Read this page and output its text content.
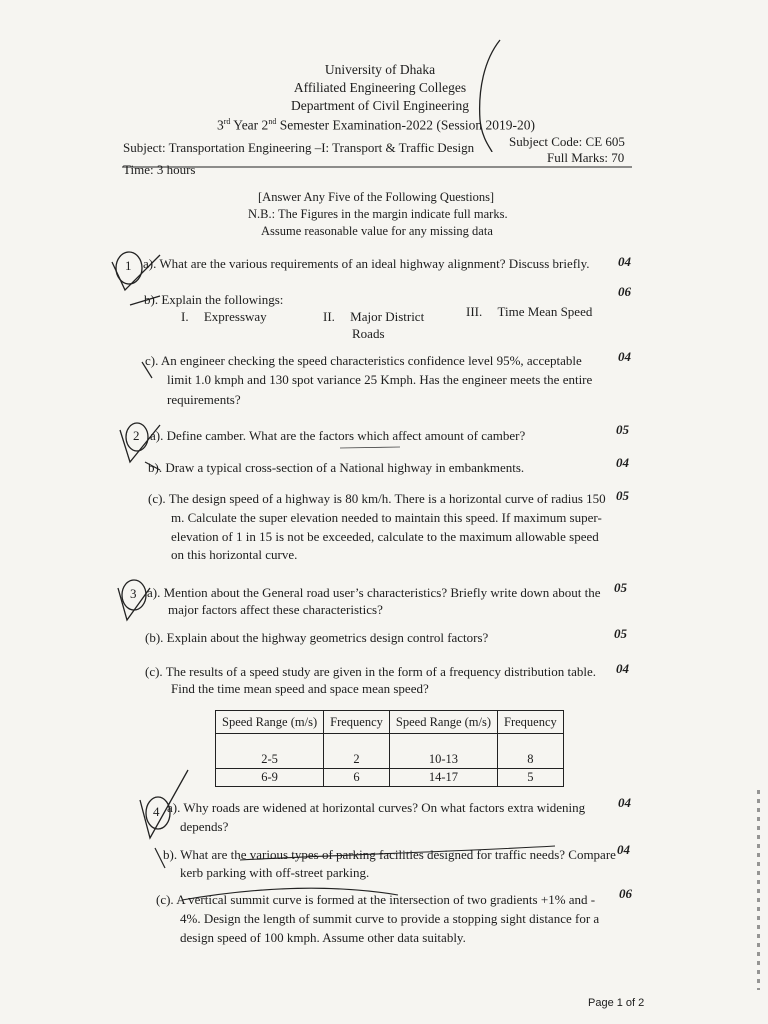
University of Dhaka
Affiliated Engineering Colleges
Department of Civil Engineering
3rd Year 2nd Semester Examination-2022 (Session 2019-20)
Subject Code: CE 605
Subject: Transportation Engineering –I: Transport & Traffic Design
Full Marks: 70
Time: 3 hours
[Answer Any Five of the Following Questions]
N.B.: The Figures in the margin indicate full marks.
Assume reasonable value for any missing data
1
2
3
4
a). What are the various requirements of an ideal highway alignment? Discuss briefly. 04
b). Explain the followings:
06
I. Expressway	II. Major District
Roads
III. Time Mean Speed
c). An engineer checking the speed characteristics confidence level 95%, acceptable
limit 1.0 kmph and 130 spot variance 25 Kmph. Has the engineer meets the entire
requirements?
04
a). Define camber. What are the factors which affect amount of camber?	05
b). Draw a typical cross-section of a National highway in embankments.	04
(c). The design speed of a highway is 80 km/h. There is a horizontal curve of radius 150
m. Calculate the super elevation needed to maintain this speed. If maximum super-
elevation of 1 in 15 is not be exceeded, calculate to the maximum allowable speed
on this horizontal curve.
05
a). Mention about the General road user’s characteristics? Briefly write down about the
major factors affect these characteristics?
05
(b). Explain about the highway geometrics design control factors?	05
(c). The results of a speed study are given in the form of a frequency distribution table.
Find the time mean speed and space mean speed?
04
Speed Range (m/s)	Frequency	Speed Range (m/s)	Frequency

2-5	2	10-13	8
6-9	6	14-17	5
a). Why roads are widened at horizontal curves? On what factors extra widening
depends?
04
b). What are the various types of parking facilities designed for traffic needs? Compare
kerb parking with off-street parking.
04
(c). A vertical summit curve is formed at the intersection of two gradients +1% and -
4%. Design the length of summit curve to provide a stopping sight distance for a
design speed of 100 kmph. Assume other data suitably.
06
Page 1 of 2
